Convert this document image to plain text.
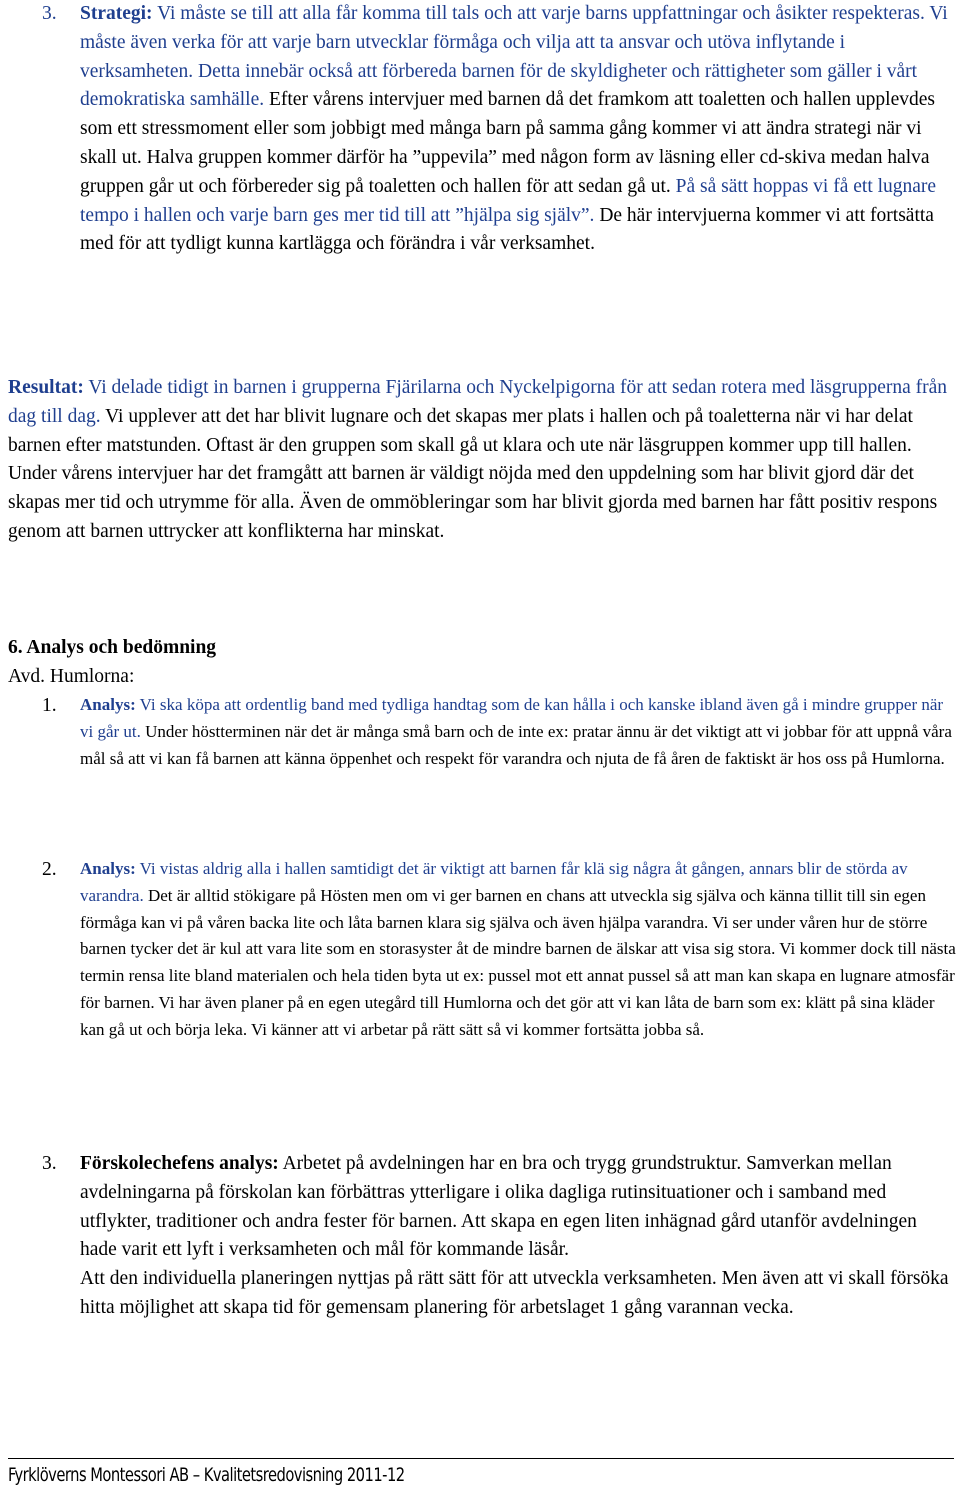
3. Strategi: Vi måste se till att alla får komma till tals och att varje barns uppfattningar och åsikter respekteras. Vi måste även verka för att varje barn utvecklar förmåga och vilja att ta ansvar och utöva inflytande i verksamheten. Detta innebär också att förbereda barnen för de skyldigheter och rättigheter som gäller i vårt demokratiska samhälle. Efter vårens intervjuer med barnen då det framkom att toaletten och hallen upplevdes som ett stressmoment eller som jobbigt med många barn på samma gång kommer vi att ändra strategi när vi skall ut. Halva gruppen kommer därför ha ”uppevila” med någon form av läsning eller cd-skiva medan halva gruppen går ut och förbereder sig på toaletten och hallen för att sedan gå ut. På så sätt hoppas vi få ett lugnare tempo i hallen och varje barn ges mer tid till att ”hjälpa sig själv”. De här intervjuerna kommer vi att fortsätta med för att tydligt kunna kartlägga och förändra i vår verksamhet.

Resultat: Vi delade tidigt in barnen i grupperna Fjärilarna och Nyckelpigorna för att sedan rotera med läsgrupperna från dag till dag. Vi upplever att det har blivit lugnare och det skapas mer plats i hallen och på toaletterna när vi har delat barnen efter matstunden. Oftast är den gruppen som skall gå ut klara och ute när läsgruppen kommer upp till hallen. Under vårens intervjuer har det framgått att barnen är väldigt nöjda med den uppdelning som har blivit gjord där det skapas mer tid och utrymme för alla. Även de ommöbleringar som har blivit gjorda med barnen har fått positiv respons genom att barnen uttrycker att konflikterna har minskat.

6. Analys och bedömning

Avd. Humlorna:

1. Analys: Vi ska köpa att ordentlig band med tydliga handtag som de kan hålla i och kanske ibland även gå i mindre grupper när vi går ut. Under höstterminen när det är många små barn och de inte ex: pratar ännu är det viktigt att vi jobbar för att uppnå våra mål så att vi kan få barnen att känna öppenhet och respekt för varandra och njuta de få åren de faktiskt är hos oss på Humlorna.

2. Analys: Vi vistas aldrig alla i hallen samtidigt det är viktigt att barnen får klä sig några åt gången, annars blir de störda av varandra. Det är alltid stökigare på Hösten men om vi ger barnen en chans att utveckla sig själva och känna tillit till sin egen förmåga kan vi på våren backa lite och låta barnen klara sig själva och även hjälpa varandra. Vi ser under våren hur de större barnen tycker det är kul att vara lite som en storasyster åt de mindre barnen de älskar att visa sig stora. Vi kommer dock till nästa termin rensa lite bland materialen och hela tiden byta ut ex: pussel mot ett annat pussel så att man kan skapa en lugnare atmosfär för barnen. Vi har även planer på en egen utegård till Humlorna och det gör att vi kan låta de barn som ex: klätt på sina kläder kan gå ut och börja leka. Vi känner att vi arbetar på rätt sätt så vi kommer fortsätta jobba så.

3. Förskolechefens analys: Arbetet på avdelningen har en bra och trygg grundstruktur. Samverkan mellan avdelningarna på förskolan kan förbättras ytterligare i olika dagliga rutinsituationer och i samband med utflykter, traditioner och andra fester för barnen. Att skapa en egen liten inhägnad gård utanför avdelningen hade varit ett lyft i verksamheten och mål för kommande läsår.

Att den individuella planeringen nyttjas på rätt sätt för att utveckla verksamheten. Men även att vi skall försöka hitta möjlighet att skapa tid för gemensam planering för arbetslaget 1 gång varannan vecka.

Fyrklöverns Montessori AB – Kvalitetsredovisning 2011-12
